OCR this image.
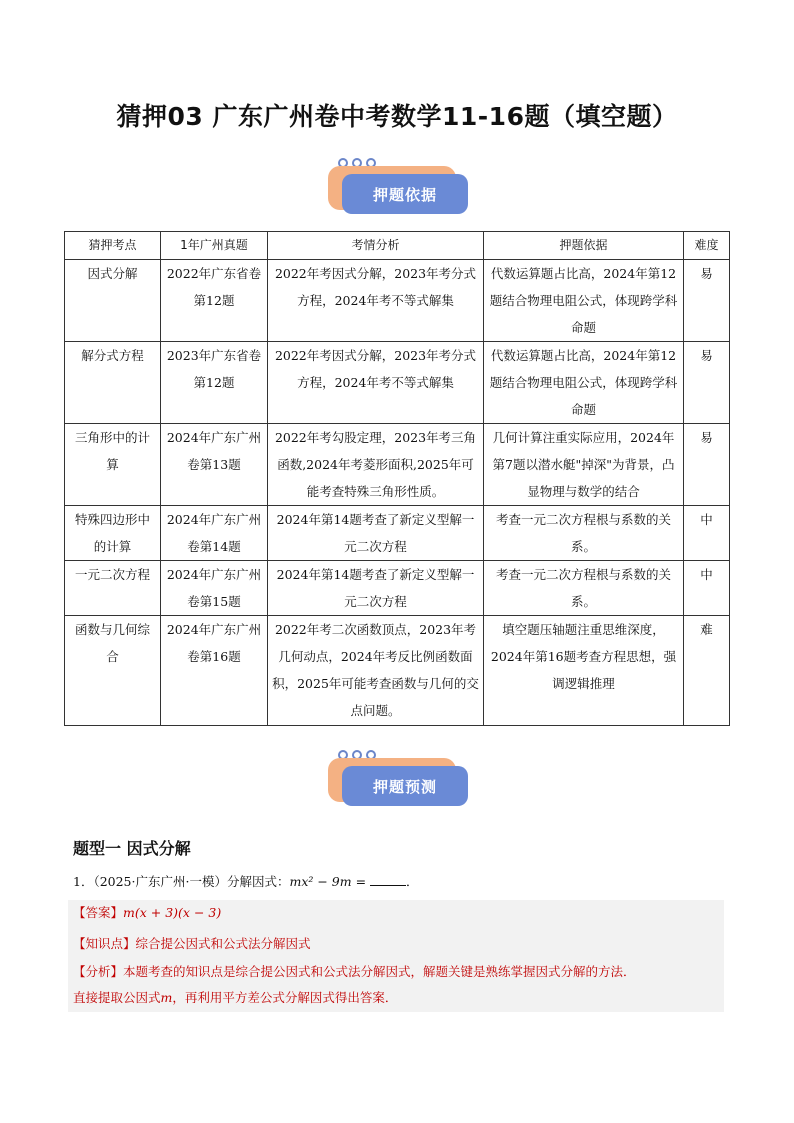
猜押03 广东广州卷中考数学11-16题（填空题）
押题依据
猜押考点	1年广州真题	考情分析	押题依据	难度
因式分解	2022年广东省卷第12题	2022年考因式分解，2023年考分式方程，2024年考不等式解集	代数运算题占比高，2024年第12题结合物理电阻公式，体现跨学科命题	易
解分式方程	2023年广东省卷第12题	2022年考因式分解，2023年考分式方程，2024年考不等式解集	代数运算题占比高，2024年第12题结合物理电阻公式，体现跨学科命题	易
三角形中的计算	2024年广东广州卷第13题	2022年考勾股定理，2023年考三角函数,2024年考菱形面积,2025年可能考查特殊三角形性质。	几何计算注重实际应用，2024年第7题以潜水艇"掉深"为背景，凸显物理与数学的结合	易
特殊四边形中的计算	2024年广东广州卷第14题	2024年第14题考查了新定义型解一元二次方程	考查一元二次方程根与系数的关系。	中
一元二次方程	2024年广东广州卷第15题	2024年第14题考查了新定义型解一元二次方程	考查一元二次方程根与系数的关系。	中
函数与几何综合	2024年广东广州卷第16题	2022年考二次函数顶点，2023年考几何动点，2024年考反比例函数面积，2025年可能考查函数与几何的交点问题。	填空题压轴题注重思维深度，2024年第16题考查方程思想，强调逻辑推理	难
押题预测
题型一 因式分解
1．（2025·广东广州·一模）分解因式：mx² − 9m =	．
【答案】m(x + 3)(x − 3)
【知识点】综合提公因式和公式法分解因式
【分析】本题考查的知识点是综合提公因式和公式法分解因式，解题关键是熟练掌握因式分解的方法．
直接提取公因式m，再利用平方差公式分解因式得出答案．
